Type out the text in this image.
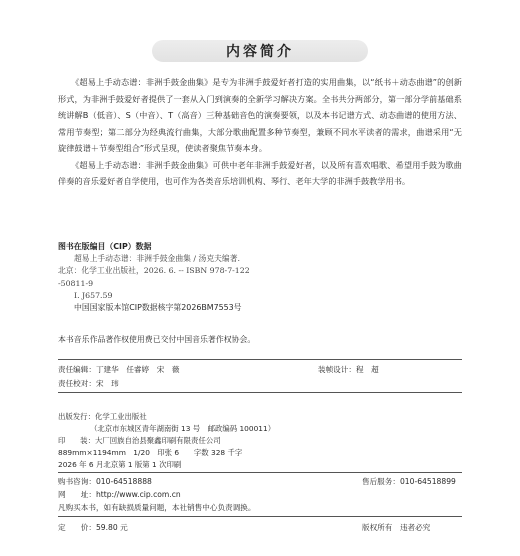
内容简介

《超易上手动态谱：非洲手鼓金曲集》是专为非洲手鼓爱好者打造的实用曲集，以“纸书＋动态曲谱”的创新形式，为非洲手鼓爱好者提供了一套从入门到演奏的全新学习解决方案。全书共分两部分，第一部分学前基础系统讲解B（低音）、S（中音）、T（高音）三种基础音色的演奏要领，以及本书记谱方式、动态曲谱的使用方法、常用节奏型；第二部分为经典流行曲集，大部分歌曲配置多种节奏型，兼顾不同水平读者的需求，曲谱采用“无旋律鼓谱＋节奏型组合”形式呈现，使读者聚焦节奏本身。

《超易上手动态谱：非洲手鼓金曲集》可供中老年非洲手鼓爱好者，以及所有喜欢唱歌、希望用手鼓为歌曲伴奏的音乐爱好者自学使用，也可作为各类音乐培训机构、琴行、老年大学的非洲手鼓教学用书。

图书在版编目（CIP）数据
超易上手动态谱：非洲手鼓金曲集 / 汤克夫编著.
北京：化学工业出版社，2026. 6. -- ISBN 978-7-122
-50811-9
Ⅰ. J657.59
中国国家版本馆CIP数据核字第2026BM7553号
本书音乐作品著作权使用费已交付中国音乐著作权协会。
责任编辑：丁建华　任睿婷　宋　薇	装帧设计：程　超
责任校对：宋　玮
出版发行：化学工业出版社
（北京市东城区青年湖南街 13 号　邮政编码 100011）
印　　装：大厂回族自治县聚鑫印刷有限责任公司
889mm×1194mm　1/20　印张 6　　字数 328 千字
2026 年 6 月北京第 1 版第 1 次印刷
购书咨询：010-64518888	售后服务：010-64518899
网　　址：http://www.cip.com.cn
凡购买本书，如有缺损质量问题，本社销售中心负责调换。
定　　价：59.80 元	版权所有　违者必究
